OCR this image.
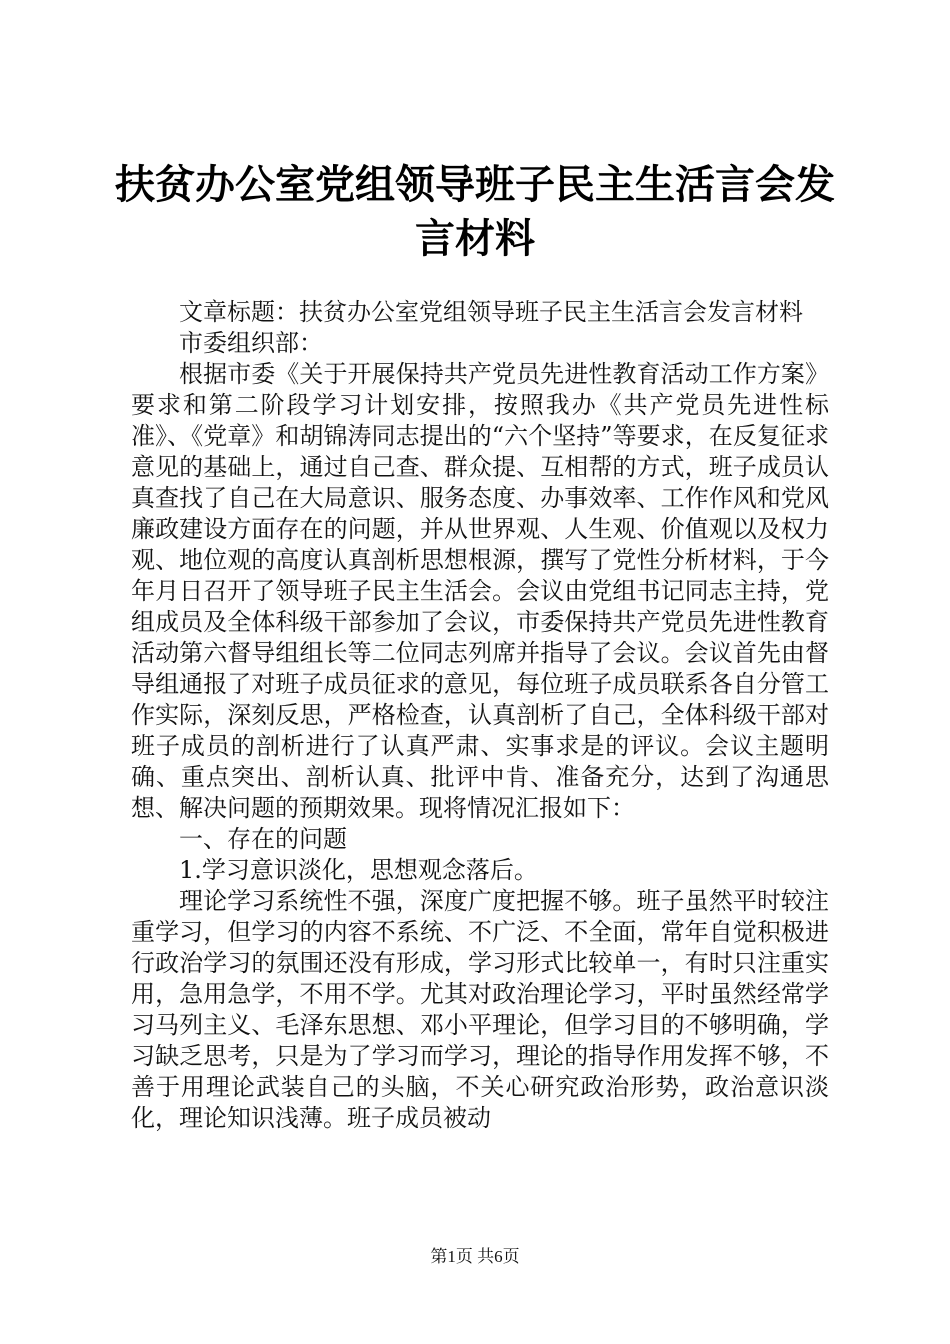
扶贫办公室党组领导班子民主生活言会发言材料

文章标题：扶贫办公室党组领导班子民主生活言会发言材料

市委组织部：

根据市委《关于开展保持共产党员先进性教育活动工作方案》要求和第二阶段学习计划安排，按照我办《共产党员先进性标准》、《党章》和胡锦涛同志提出的“六个坚持”等要求，在反复征求意见的基础上，通过自己查、群众提、互相帮的方式，班子成员认真查找了自己在大局意识、服务态度、办事效率、工作作风和党风廉政建设方面存在的问题，并从世界观、人生观、价值观以及权力观、地位观的高度认真剖析思想根源，撰写了党性分析材料，于今年月日召开了领导班子民主生活会。会议由党组书记同志主持，党组成员及全体科级干部参加了会议，市委保持共产党员先进性教育活动第六督导组组长等二位同志列席并指导了会议。会议首先由督导组通报了对班子成员征求的意见，每位班子成员联系各自分管工作实际，深刻反思，严格检查，认真剖析了自己，全体科级干部对班子成员的剖析进行了认真严肃、实事求是的评议。会议主题明确、重点突出、剖析认真、批评中肯、准备充分，达到了沟通思想、解决问题的预期效果。现将情况汇报如下：

一、存在的问题

1.学习意识淡化，思想观念落后。

理论学习系统性不强，深度广度把握不够。班子虽然平时较注重学习，但学习的内容不系统、不广泛、不全面，常年自觉积极进行政治学习的氛围还没有形成，学习形式比较单一，有时只注重实用，急用急学，不用不学。尤其对政治理论学习，平时虽然经常学习马列主义、毛泽东思想、邓小平理论，但学习目的不够明确，学习缺乏思考，只是为了学习而学习，理论的指导作用发挥不够，不善于用理论武装自己的头脑，不关心研究政治形势，政治意识淡化，理论知识浅薄。班子成员被动

第1页 共6页
